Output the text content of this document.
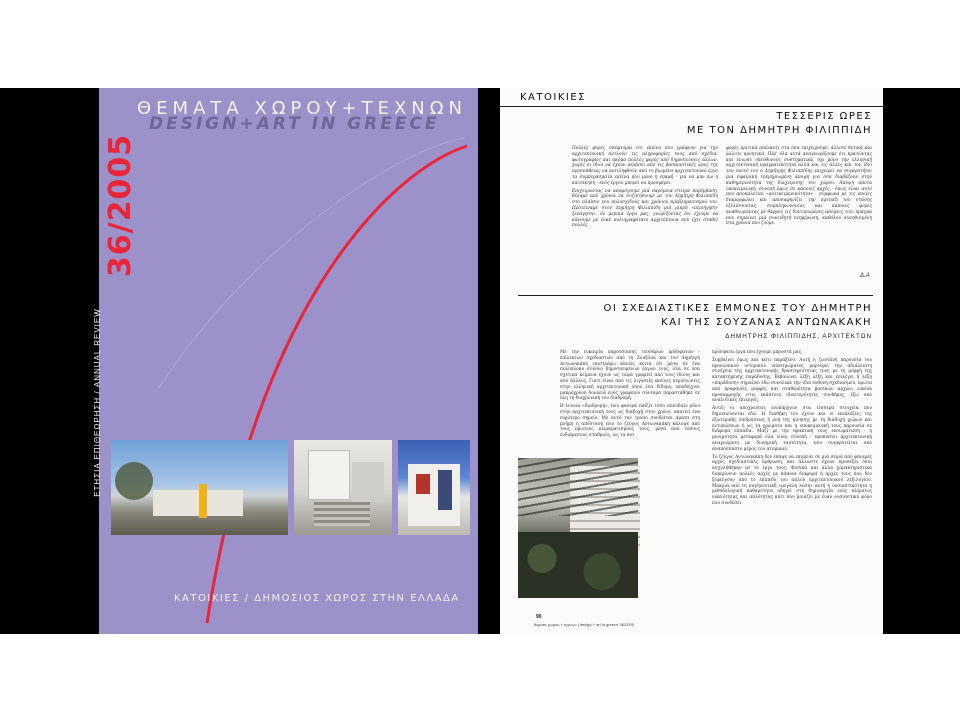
ΘΕΜΑΤΑ ΧΩΡΟΥ+ΤΕΧΝΩΝ
DESIGN+ART IN GREECE
36/2005
ΕΤΗΣΙΑ ΕΠΙΘΕΩΡΗΣΗ / ANNUAL REVIEW
ΚΑΤΟΙΚΙΕΣ / ΔΗΜΟΣΙΟΣ ΧΩΡΟΣ ΣΤΗΝ ΕΛΛΑΔΑ
ΚΑΤΟΙΚΙΕΣ
ΤΕΣΣΕΡΙΣ ΩΡΕΣ
ΜΕ ΤΟΝ ΔΗΜΗΤΡΗ ΦΙΛΙΠΠΙΔΗ

Πολλές φορές σκέφτομαι ότι εκείνο που γράφουν για την αρχιτεκτονική αντλούν τις πληροφορίες τους από σχέδια, φωτογραφίες και ακόμα πολλές φορές από δημοσιεύσεις άλλων, χωρίς οι ίδιοι να έχουν περάσει από τις βασανιστικές ώρες της προσπάθειας να αντιληφθούν από το βιωμένο αρχιτεκτονικό έργο τα συμπεράσματα εκείνα που μόνο η επαφή - για να μην πω η κατοίκηση - ενός έργου μπορεί να προσφέρει.

Επιχειρώντας να αποφύγουμε μιά παρόμοια στείρα παρέμβαση, θέλαμε από χρόνια να συζητήσουμε με τον Δημήτρη Φιλιππίδη στο πλαίσιο του πολυσχιδούς και χρόνιου προβληματισμού του. Προτείναμε στον Δημήτρη Φιλιππίδη μιά μικρή «περιήγηση-ξενάγηση», σε μερικά έργα μας, γνωρίζοντας ότι έχουμε να κάνουμε με έναν πολυγραφότατο αρχιτέκτονα που έχει σταθεί πολλές

φορές κριτικά απέναντι στα όσα επιχειρούμε, άλλοτε θετικά και άλλοτε αρνητικά. Πέρ' όλα αυτά αναγνωρίζουμε ότι κρατώντας και ένιωσε υπεύθυνους συστηματικά, όχι μόνο την ελληνική αρχιτεκτονική πραγματικότητα αλλά και τις άλλες και τον ίδιο τον εαυτό του ο Δημήτρης Φιλιππίδης επιχειρεί να συγκροτήσει μιά σφαιρική τεκμηριωμένη άποψη για όσα διαβάζουν στην καθημερινότητα της διαχείρισης του χώρου. Άποψη πάντα υποκειμενική, συνεπή όμως σε κάποιες αρχές - όπως είναι αυτό που αποκαλείται «αντικειμενικότητα» - σύμφωνα με τις οποίες διαμορφώνει και αποσαφηνίζει την κριτική του στάσης εξελίσσοντας, συμπληρώνοντας και κάποιες φορές αναθεωρώντας με θάρρος τις διατυπωμένες απόψεις του, πράγμα που σημαίνει μιά συνειδητή ενημέρωση, καθόλου συνηθισμένη στα χρόνια που ζούμε.

Δ.Α
ΟΙ ΣΧΕΔΙΑΣΤΙΚΕΣ ΕΜΜΟΝΕΣ ΤΟΥ ΔΗΜΗΤΡΗ
ΚΑΙ ΤΗΣ ΣΟΥΖΑΝΑΣ ΑΝΤΩΝΑΚΑΚΗ
ΔΗΜΗΤΡΗΣ ΦΙΛΙΠΠΙΔΗΣ, ΑΡΧΙΤΕΚΤΩΝ

Με την ευκαιρία παρουσίασης τεσσάρων πρόσφατων - επίλεκτων σχεδιαστών από τη Σουζάνα και τον Δημήτρη Αντωνακάκη επιστρέφω κανείς κοιτά ότι μέσα σε ένα πολύπλοκο σύνολο δημοσιευμένων έργων τους, όλα σε όσα σχετικά κείμενα έχουν ως τώρα γραφτεί από τους ίδιους και από άλλους. Γιατί είναι από τις λιγοστές εκείνες περιπτώσεις στην ελληνική αρχιτεκτονική όπου ένα δίδυμο, αποδείχνει μακρόχρονη δουλειά ενός γραφείου σύντομα παραστάθηκε σε όλη τη διαχρονική του διαδρομή.

Η έννοια «διαδρομή», που φανερά παίζει τόσο σπουδαίο ρόλο στην αρχιτεκτονική τους ως διαδοχή στον χρόνο, απαιτεί ένα ευρύτερο σημείο. Με αυτό τον τρόπο συνδέεται άμεσα στη μνήμη η απόσταση που το ζεύγος Αντωνακάκη κάλυψε από τους πρώτους πειραματισμούς τους, μέσα από τόσους ενδιάμεσους σταθμούς, ως τα πιο

πρόσφατα έργα που έχουμε μπροστά μας.

Συμβαίνει όμως και κάτι παράξενο. Αυτή η ζωντανή παρουσία του προσωπικού ιστορικού υποστρώματος μαρτυρεί την αδιάλειπτη συνέχεια της αρχιτεκτονικής δραστηριότητας τους με τη μορφή της κατακτημένης παράδοσης. Βεβαιώνει λέξη λέξη και επιλέγει ή λέξη «παράδοση» σημαίνει εδώ συνολικά την ίδια ευθύνη σχεδιασμού, πρώτα από προφανείς μορφές και σταθερότητα βασικών αρχών, εικόνα προσαρμογής στις εκάστοτε ιδιαιτερότητες συνθήκες, έξω από αναλυτικές επιλογές.

Αυτές οι αποχρώσεις ενυπάρχουν στα τέσσερα στοιχεία που δημοσιεύονται εδώ. Η διαθήκη του έχουν και οι επιπλέξεις της εξωτερικής επιδράσεως ή ροή της κίνησης με τη διαδοχή χώρων και εντυπώσεων ή ως τα χρώματα και η υποκειμενική τους παρουσία σε διάφορα επίπεδα. Μαζί με την πρακτική τους ενσωμάτωση - η μονιμότητα μεταφορά όλα είναι συνεπή - προκύπτει αρχιτεκτονική αναγνώριση με δυναμική ταυτότητα, που συγκροτείται από αναπόσπαστο μέρος του ατομικού.

Το ζεύγος Αντωνακάκη δεν έπαψε να επιμένει σε μιά σειρά από φανερές αρχές σχεδιαστικές άρθρωση, και άλλωστε έχουν προσέξει όσοι ασχολήθηκαν με το έργο τους. Φυσικά και άλλα χαρακτηριστικά διακρίνουν πολλές αρχές με κάποια διαφορά ή αρχές τους που δεν ξεφεύγουν από το επίπεδο του απλού αρχιτεκτονικού λεξιλογίου. Μακριά από τη σαγήνευτική «μεγάλη λύση» αυτή η ουσιαστικότητα η μεθοδολογική καθαρότητα οδηγεί στη δημιουργία ενός κλίματος οικειότητας και απλότητας κάτι που μοιάζει με έναν ουσιαστικό φόρο που συνδέσει

90
θεματα χωρου + τεχνων | design + art in greece 36/2005
